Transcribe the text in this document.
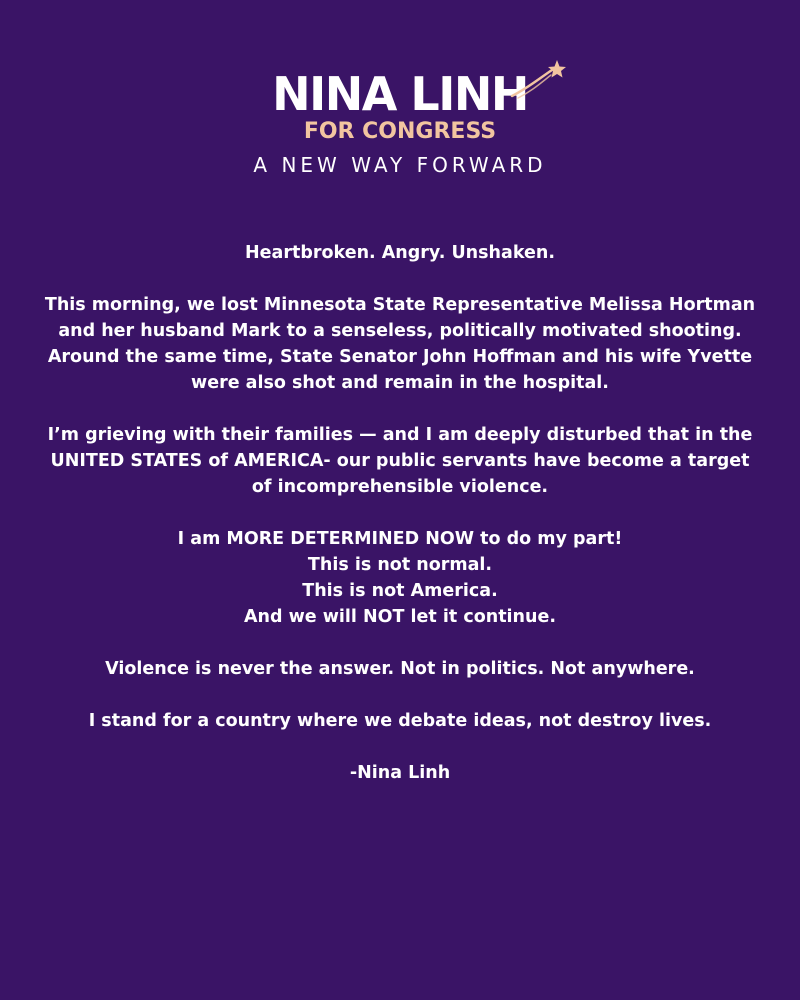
NINA LINH
FOR CONGRESS
A NEW WAY FORWARD

Heartbroken. Angry. Unshaken.

This morning, we lost Minnesota State Representative Melissa Hortman and her husband Mark to a senseless, politically motivated shooting. Around the same time, State Senator John Hoffman and his wife Yvette were also shot and remain in the hospital.

I’m grieving with their families — and I am deeply disturbed that in the UNITED STATES of AMERICA- our public servants have become a target of incomprehensible violence.

I am MORE DETERMINED NOW to do my part!
This is not normal.
This is not America.
And we will NOT let it continue.

Violence is never the answer. Not in politics. Not anywhere.

I stand for a country where we debate ideas, not destroy lives.

-Nina Linh
